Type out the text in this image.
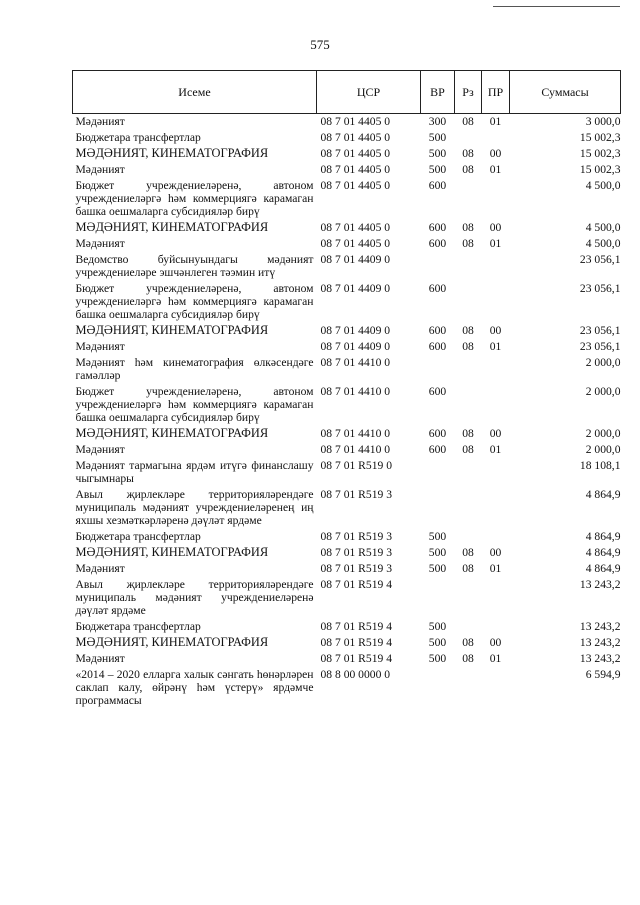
575
Исеме	ЦСР	ВР	Рз	ПР	Суммасы
Мәдәният	08 7 01 4405 0	300	08	01	3 000,0
Бюджетара трансфертлар	08 7 01 4405 0	500			15 002,3
МӘДӘНИЯТ, КИНЕМАТОГРАФИЯ	08 7 01 4405 0	500	08	00	15 002,3
Мәдәният	08 7 01 4405 0	500	08	01	15 002,3
Бюджет учреждениеләренә, автоном учреждениеләргә һәм коммерциягә карамаган башка оешмаларга субсидияләр бирү	08 7 01 4405 0	600			4 500,0
МӘДӘНИЯТ, КИНЕМАТОГРАФИЯ	08 7 01 4405 0	600	08	00	4 500,0
Мәдәният	08 7 01 4405 0	600	08	01	4 500,0
Ведомство буйсынуындагы мәдәният учреждениеләре эшчәнлеген тәэмин итү	08 7 01 4409 0				23 056,1
Бюджет учреждениеләренә, автоном учреждениеләргә һәм коммерциягә карамаган башка оешмаларга субсидияләр бирү	08 7 01 4409 0	600			23 056,1
МӘДӘНИЯТ, КИНЕМАТОГРАФИЯ	08 7 01 4409 0	600	08	00	23 056,1
Мәдәният	08 7 01 4409 0	600	08	01	23 056,1
Мәдәният һәм кинематография өлкәсендәге гамәлләр	08 7 01 4410 0				2 000,0
Бюджет учреждениеләренә, автоном учреждениеләргә һәм коммерциягә карамаган башка оешмаларга субсидияләр бирү	08 7 01 4410 0	600			2 000,0
МӘДӘНИЯТ, КИНЕМАТОГРАФИЯ	08 7 01 4410 0	600	08	00	2 000,0
Мәдәният	08 7 01 4410 0	600	08	01	2 000,0
Мәдәният тармагына ярдәм итүгә финанслашу чыгымнары	08 7 01 R519 0				18 108,1
Авыл җирлекләре территорияләрендәге муниципаль мәдәният учреждениеләренең иң яхшы хезмәткәрләренә дәүләт ярдәме	08 7 01 R519 3				4 864,9
Бюджетара трансфертлар	08 7 01 R519 3	500			4 864,9
МӘДӘНИЯТ, КИНЕМАТОГРАФИЯ	08 7 01 R519 3	500	08	00	4 864,9
Мәдәният	08 7 01 R519 3	500	08	01	4 864,9
Авыл җирлекләре территорияләрендәге муниципаль мәдәният учреждениеләренә дәүләт ярдәме	08 7 01 R519 4				13 243,2
Бюджетара трансфертлар	08 7 01 R519 4	500			13 243,2
МӘДӘНИЯТ, КИНЕМАТОГРАФИЯ	08 7 01 R519 4	500	08	00	13 243,2
Мәдәният	08 7 01 R519 4	500	08	01	13 243,2
«2014 – 2020 елларга халык сәнгать һөнәрләрен саклап калу, өйрәнү һәм үстерү» ярдәмче программасы	08 8 00 0000 0				6 594,9
